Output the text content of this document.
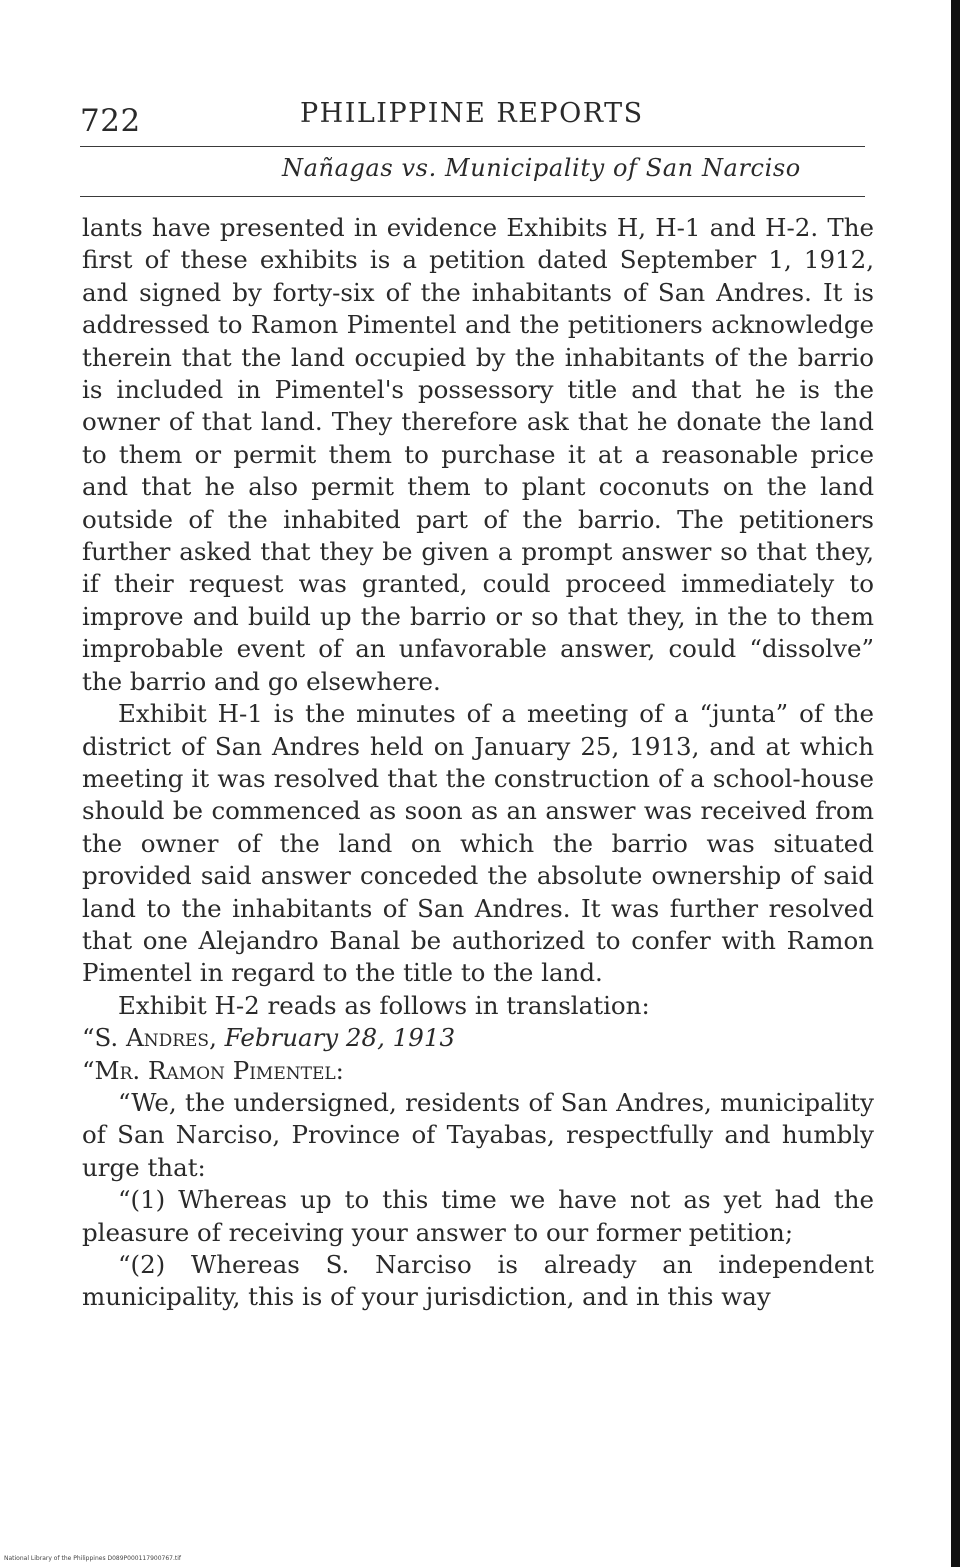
722	PHILIPPINE REPORTS
Nañagas vs. Municipality of San Narciso

lants have presented in evidence Exhibits H, H-1 and H-2. The first of these exhibits is a petition dated September 1, 1912, and signed by forty-six of the inhabitants of San Andres. It is addressed to Ramon Pimentel and the petitioners acknowledge therein that the land occupied by the inhabitants of the barrio is included in Pimentel's possessory title and that he is the owner of that land. They therefore ask that he donate the land to them or permit them to purchase it at a reasonable price and that he also permit them to plant coconuts on the land outside of the inhabited part of the barrio. The petitioners further asked that they be given a prompt answer so that they, if their request was granted, could proceed immediately to improve and build up the barrio or so that they, in the to them improbable event of an unfavorable answer, could “dissolve” the barrio and go elsewhere.

Exhibit H-1 is the minutes of a meeting of a “junta” of the district of San Andres held on January 25, 1913, and at which meeting it was resolved that the construction of a school-house should be commenced as soon as an answer was received from the owner of the land on which the barrio was situated provided said answer conceded the absolute ownership of said land to the inhabitants of San Andres. It was further resolved that one Alejandro Banal be authorized to confer with Ramon Pimentel in regard to the title to the land.

Exhibit H-2 reads as follows in translation:

“S. Andres, February 28, 1913

“Mr. Ramon Pimentel:

“We, the undersigned, residents of San Andres, municipality of San Narciso, Province of Tayabas, respectfully and humbly urge that:

“(1) Whereas up to this time we have not as yet had the pleasure of receiving your answer to our former petition;

“(2) Whereas S. Narciso is already an independent municipality, this is of your jurisdiction, and in this way

National Library of the Philippines D089P000117900767.tif
